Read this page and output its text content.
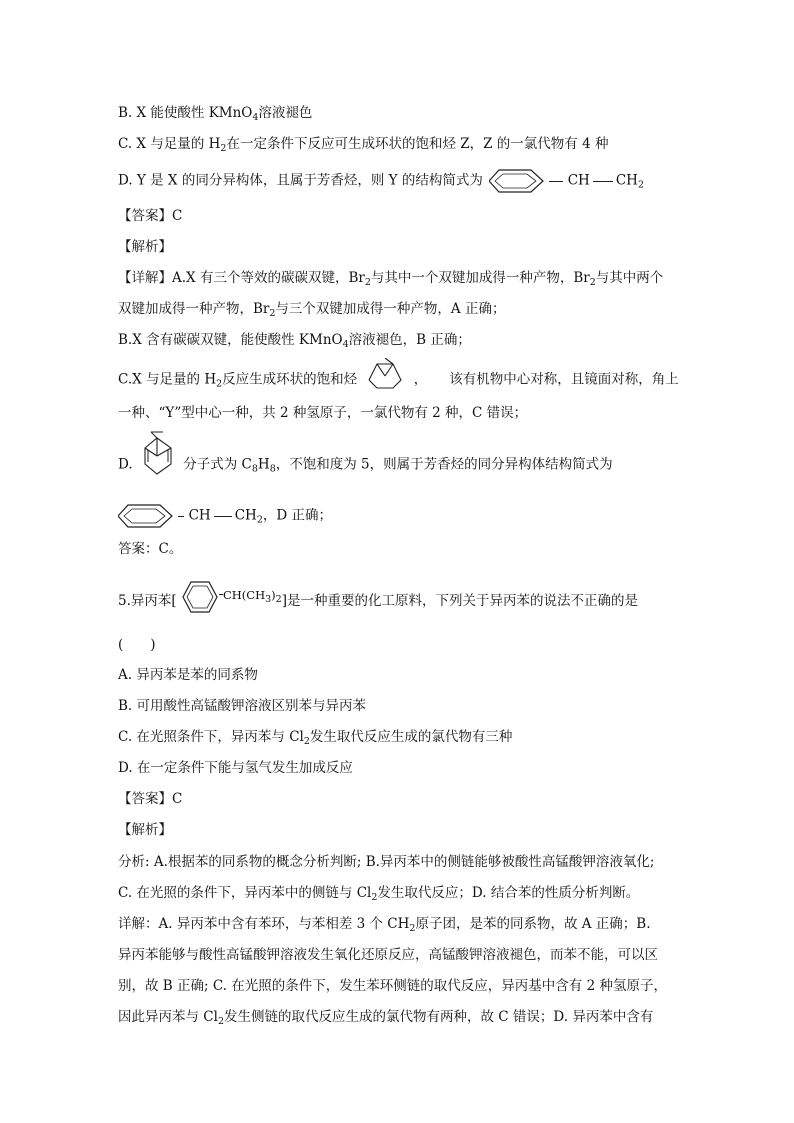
B. X 能使酸性 KMnO$_4$溶液褪色
C. X 与足量的 $H_2$在一定条件下反应可生成环状的饱和烃 Z，Z 的一氯代物有 4 种
D. Y 是 X 的同分异构体，且属于芳香烃，则 Y 的结构简式为	CH $CH_2$
【答案】C
【解析】
【详解】A.X 有三个等效的碳碳双键，$Br_2$与其中一个双键加成得一种产物，$Br_2$与其中两个
双键加成得一种产物，$Br_2$与三个双键加成得一种产物，A 正确；
B.X 含有碳碳双键，能使酸性 KMnO$_4$溶液褪色，B 正确；
C.X 与足量的 $H_2$反应生成环状的饱和烃	， 该有机物中心对称，且镜面对称，角上
一种、“Y”型中心一种，共 2 种氢原子，一氯代物有 2 种，C 错误；
D.	分子式为 $C_8H_8$，不饱和度为 5，则属于芳香烃的同分异构体结构简式为
CH $CH_2$，D 正确；
答案：C。
5.异丙苯[	$CH(CH_3)_2$]是一种重要的化工原料，下列关于异丙苯的说法不正确的是
(　　)
A. 异丙苯是苯的同系物
B. 可用酸性高锰酸钾溶液区别苯与异丙苯
C. 在光照条件下，异丙苯与 $Cl_2$发生取代反应生成的氯代物有三种
D. 在一定条件下能与氢气发生加成反应
【答案】C
【解析】
分析: A.根据苯的同系物的概念分析判断; B.异丙苯中的侧链能够被酸性高锰酸钾溶液氧化;
C. 在光照的条件下，异丙苯中的侧链与 $Cl_2$发生取代反应；D. 结合苯的性质分析判断。
详解：A. 异丙苯中含有苯环，与苯相差 3 个 $CH_2$原子团，是苯的同系物，故 A 正确；B.
异丙苯能够与酸性高锰酸钾溶液发生氧化还原反应，高锰酸钾溶液褪色，而苯不能，可以区
别，故 B 正确; C. 在光照的条件下，发生苯环侧链的取代反应，异丙基中含有 2 种氢原子，
因此异丙苯与 $Cl_2$发生侧链的取代反应生成的氯代物有两种，故 C 错误；D. 异丙苯中含有
